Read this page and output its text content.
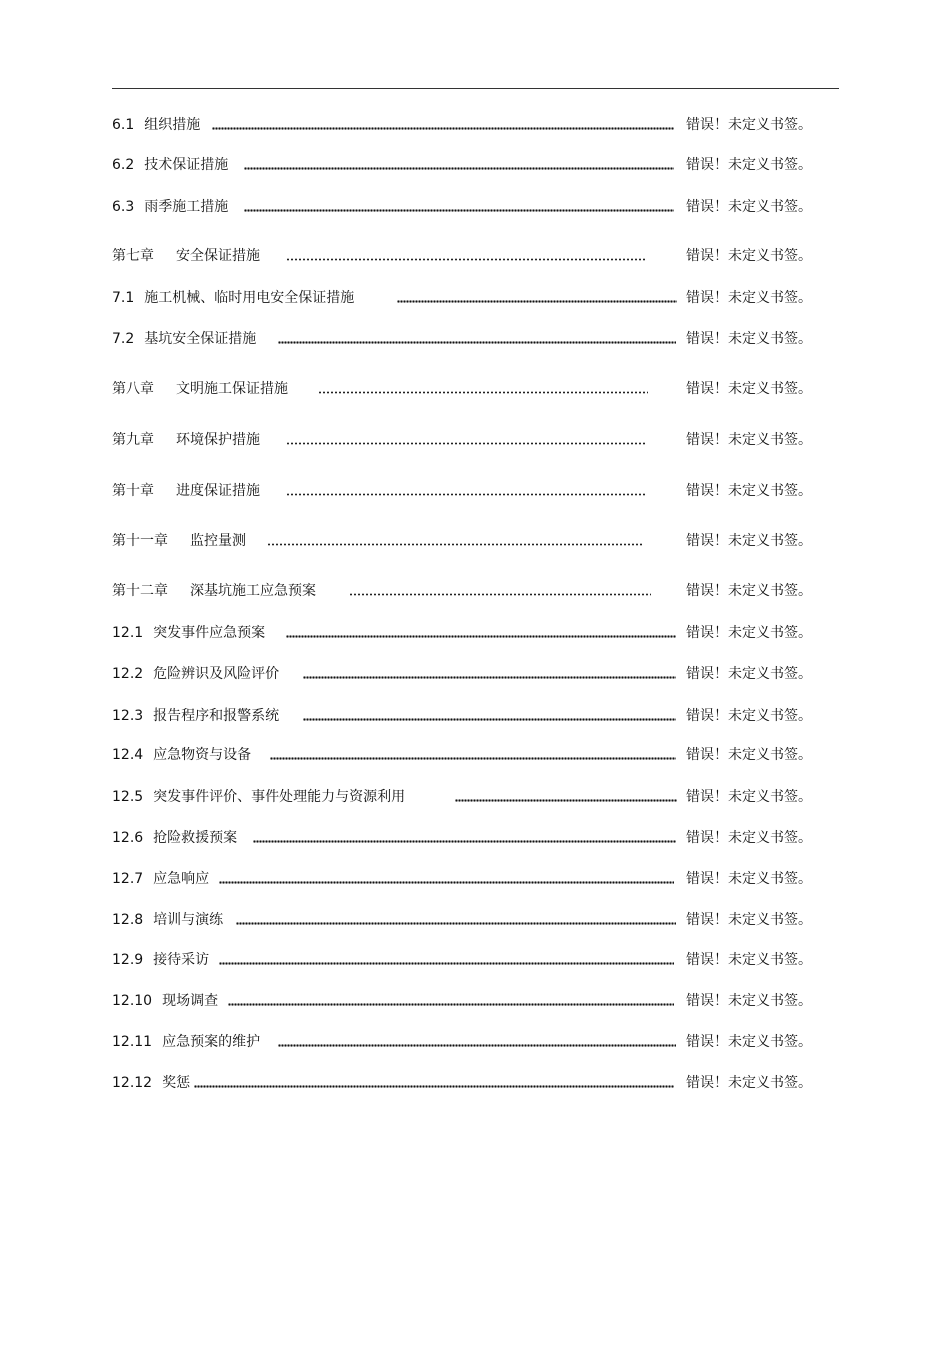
6.1 组织措施	错误！未定义书签。
6.2 技术保证措施	错误！未定义书签。
6.3 雨季施工措施	错误！未定义书签。
第七章 安全保证措施	错误！未定义书签。
7.1 施工机械、临时用电安全保证措施	错误！未定义书签。
7.2 基坑安全保证措施	错误！未定义书签。
第八章 文明施工保证措施	错误！未定义书签。
第九章 环境保护措施	错误！未定义书签。
第十章 进度保证措施	错误！未定义书签。
第十一章 监控量测	错误！未定义书签。
第十二章 深基坑施工应急预案	错误！未定义书签。
12.1 突发事件应急预案	错误！未定义书签。
12.2 危险辨识及风险评价	错误！未定义书签。
12.3 报告程序和报警系统	错误！未定义书签。
12.4 应急物资与设备	错误！未定义书签。
12.5 突发事件评价、事件处理能力与资源利用	错误！未定义书签。
12.6 抢险救援预案	错误！未定义书签。
12.7 应急响应	错误！未定义书签。
12.8 培训与演练	错误！未定义书签。
12.9 接待采访	错误！未定义书签。
12.10 现场调查	错误！未定义书签。
12.11 应急预案的维护	错误！未定义书签。
12.12 奖惩	错误！未定义书签。
